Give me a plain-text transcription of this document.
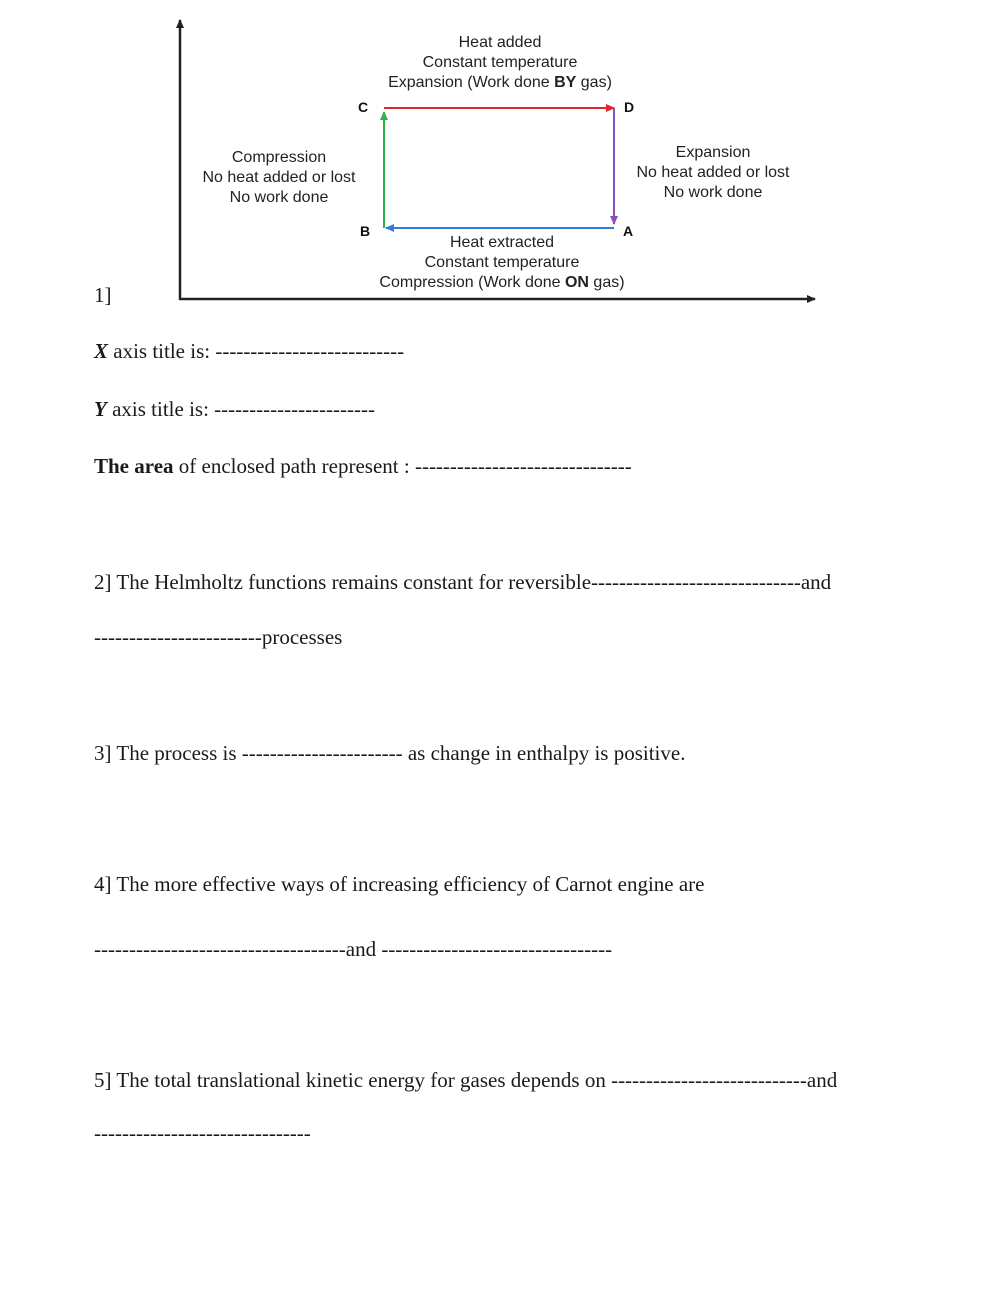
C	D
B	A
Heat added
Constant temperature
Expansion (Work done BY gas)
Compression
No heat added or lost
No work done
Expansion
No heat added or lost
No work done
Heat extracted
Constant temperature
Compression (Work done ON gas)
1]
X axis title is: ---------------------------
Y axis title is: -----------------------
The area of enclosed path represent : -------------------------------
2] The Helmholtz functions remains constant for reversible------------------------------and
------------------------processes
3] The process is ----------------------- as change in enthalpy is positive.
4] The more effective ways of increasing efficiency of Carnot engine are
------------------------------------and ---------------------------------
5] The total translational kinetic energy for gases depends on ----------------------------and
-------------------------------
